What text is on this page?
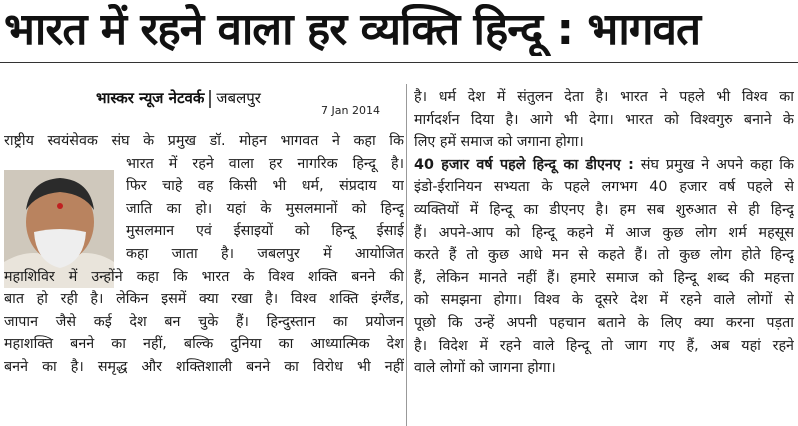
भारत में रहने वाला हर व्यक्ति हिन्दू : भागवत
भास्कर न्यूज नेटवर्क जबलपुर
7 Jan 2014
राष्ट्रीय स्वयंसेवक संघ के प्रमुख डॉ. मोहन भागवत ने कहा कि
भारत में रहने वाला हर नागरिक हिन्दू है।
फिर चाहे वह किसी भी धर्म, संप्रदाय या
जाति का हो। यहां के मुसलमानों को हिन्दू
मुसलमान एवं ईसाइयों को हिन्दू ईसाई
कहा जाता है। जबलपुर में आयोजित
महाशिविर में उन्होंने कहा कि भारत के विश्व शक्ति बनने की
बात हो रही है। लेकिन इसमें क्या रखा है। विश्व शक्ति इंग्लैंड,
जापान जैसे कई देश बन चुके हैं। हिन्दुस्तान का प्रयोजन
महाशक्ति बनने का नहीं, बल्कि दुनिया का आध्यात्मिक देश
बनने का है। समृद्ध और शक्तिशाली बनने का विरोध भी नहीं
है। धर्म देश में संतुलन देता है। भारत ने पहले भी विश्व का
मार्गदर्शन दिया है। आगे भी देगा। भारत को विश्वगुरु बनाने के
लिए हमें समाज को जगाना होगा।
40 हजार वर्ष पहले हिन्दू का डीएनए : संघ प्रमुख ने अपने कहा कि
इंडो-ईरानियन सभ्यता के पहले लगभग 40 हजार वर्ष पहले से
व्यक्तियों में हिन्दू का डीएनए है। हम सब शुरुआत से ही हिन्दू
हैं। अपने-आप को हिन्दू कहने में आज कुछ लोग शर्म महसूस
करते हैं तो कुछ आधे मन से कहते हैं। तो कुछ लोग होते हिन्दू
हैं, लेकिन मानते नहीं हैं। हमारे समाज को हिन्दू शब्द की महत्ता
को समझना होगा। विश्व के दूसरे देश में रहने वाले लोगों से
पूछो कि उन्हें अपनी पहचान बताने के लिए क्या करना पड़ता
है। विदेश में रहने वाले हिन्दू तो जाग गए हैं, अब यहां रहने
वाले लोगों को जागना होगा।
